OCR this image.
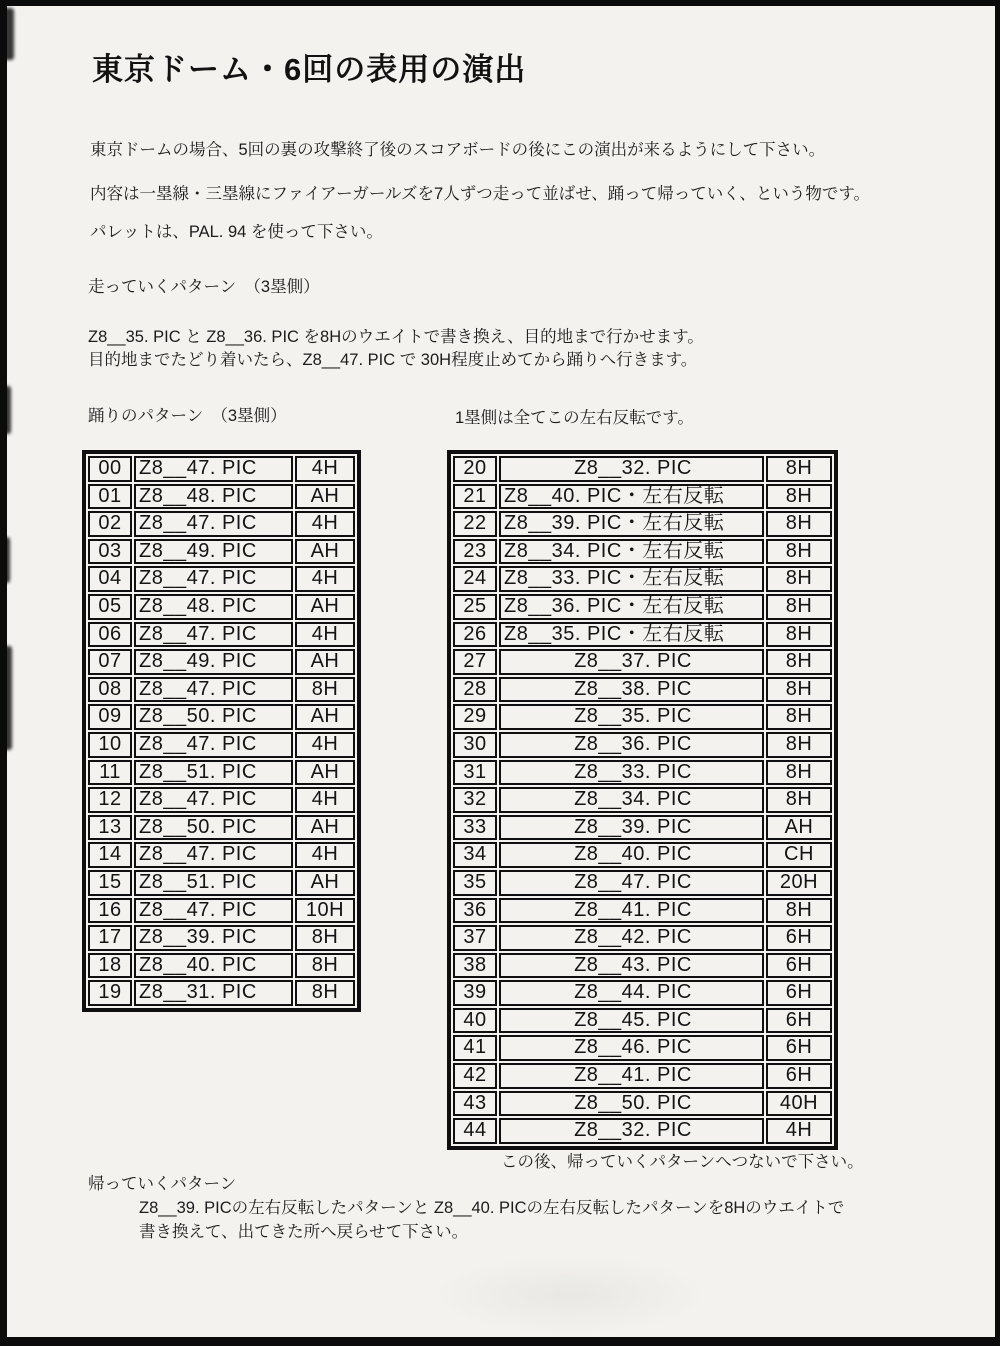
東京ドーム・6回の表用の演出
東京ドームの場合、5回の裏の攻撃終了後のスコアボードの後にこの演出が来るようにして下さい。
内容は一塁線・三塁線にファイアーガールズを7人ずつ走って並ばせ、踊って帰っていく、という物です。
パレットは、PAL. 94 を使って下さい。
走っていくパターン　（3塁側）
Z8__35. PIC と Z8__36. PIC を8Hのウエイトで書き換え、目的地まで行かせます。
目的地までたどり着いたら、Z8__47. PIC で 30H程度止めてから踊りへ行きます。
踊りのパターン　（3塁側）	1塁側は全てこの左右反転です。
00	Z8__47. PIC	4H
01	Z8__48. PIC	AH
02	Z8__47. PIC	4H
03	Z8__49. PIC	AH
04	Z8__47. PIC	4H
05	Z8__48. PIC	AH
06	Z8__47. PIC	4H
07	Z8__49. PIC	AH
08	Z8__47. PIC	8H
09	Z8__50. PIC	AH
10	Z8__47. PIC	4H
11	Z8__51. PIC	AH
12	Z8__47. PIC	4H
13	Z8__50. PIC	AH
14	Z8__47. PIC	4H
15	Z8__51. PIC	AH
16	Z8__47. PIC	10H
17	Z8__39. PIC	8H
18	Z8__40. PIC	8H
19	Z8__31. PIC	8H
20	Z8__32. PIC	8H
21	Z8__40. PIC・左右反転	8H
22	Z8__39. PIC・左右反転	8H
23	Z8__34. PIC・左右反転	8H
24	Z8__33. PIC・左右反転	8H
25	Z8__36. PIC・左右反転	8H
26	Z8__35. PIC・左右反転	8H
27	Z8__37. PIC	8H
28	Z8__38. PIC	8H
29	Z8__35. PIC	8H
30	Z8__36. PIC	8H
31	Z8__33. PIC	8H
32	Z8__34. PIC	8H
33	Z8__39. PIC	AH
34	Z8__40. PIC	CH
35	Z8__47. PIC	20H
36	Z8__41. PIC	8H
37	Z8__42. PIC	6H
38	Z8__43. PIC	6H
39	Z8__44. PIC	6H
40	Z8__45. PIC	6H
41	Z8__46. PIC	6H
42	Z8__41. PIC	6H
43	Z8__50. PIC	40H
44	Z8__32. PIC	4H
この後、帰っていくパターンへつないで下さい。
帰っていくパターン
Z8__39. PICの左右反転したパターンと Z8__40. PICの左右反転したパターンを8Hのウエイトで
書き換えて、出てきた所へ戻らせて下さい。
